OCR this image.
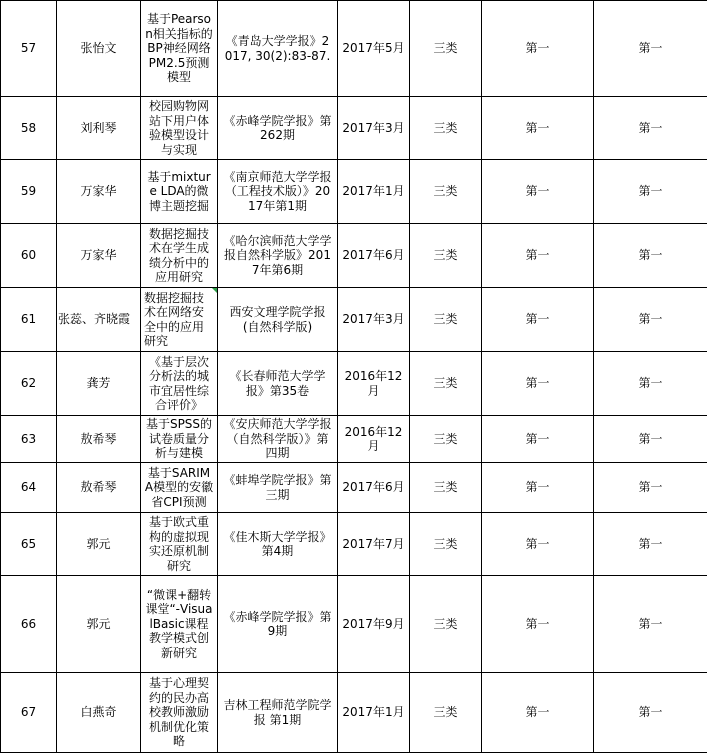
57	张怡文	基于Pearson相关指标的BP神经网络PM2.5预测模型	《青岛大学学报》2017, 30(2):83-87.	2017年5月	三类	第一	第一
58	刘利琴	校园购物网站下用户体验模型设计与实现	《赤峰学院学报》第262期	2017年3月	三类	第一	第一
59	万家华	基于mixture LDA的微博主题挖掘	《南京师范大学学报（工程技术版）》2017年第1期	2017年1月	三类	第一	第一
60	万家华	数据挖掘技术在学生成绩分析中的应用研究	《哈尔滨师范大学学报自然科学版》2017年第6期	2017年6月	三类	第一	第一
61	张蕊、齐晓霞	数据挖掘技术在网络安全中的应用研究	西安文理学院学报(自然科学版)	2017年3月	三类	第一	第一
62	龚芳	《基于层次分析法的城市宜居性综合评价》	《长春师范大学学报》第35卷	2016年12月	三类	第一	第一
63	敖希琴	基于SPSS的试卷质量分析与建模	《安庆师范大学学报（自然科学版）》第四期	2016年12月	三类	第一	第一
64	敖希琴	基于SARIMA模型的安徽省CPI预测	《蚌埠学院学报》第三期	2017年6月	三类	第一	第一
65	郭元	基于欧式重构的虚拟现实还原机制研究	《佳木斯大学学报》第4期	2017年7月	三类	第一	第一
66	郭元	“微课+翻转课堂“-VisualBasic课程教学模式创新研究	《赤峰学院学报》第9期	2017年9月	三类	第一	第一
67	白燕奇	基于心理契约的民办高校教师激励机制优化策略	吉林工程师范学院学报 第1期	2017年1月	三类	第一	第一
